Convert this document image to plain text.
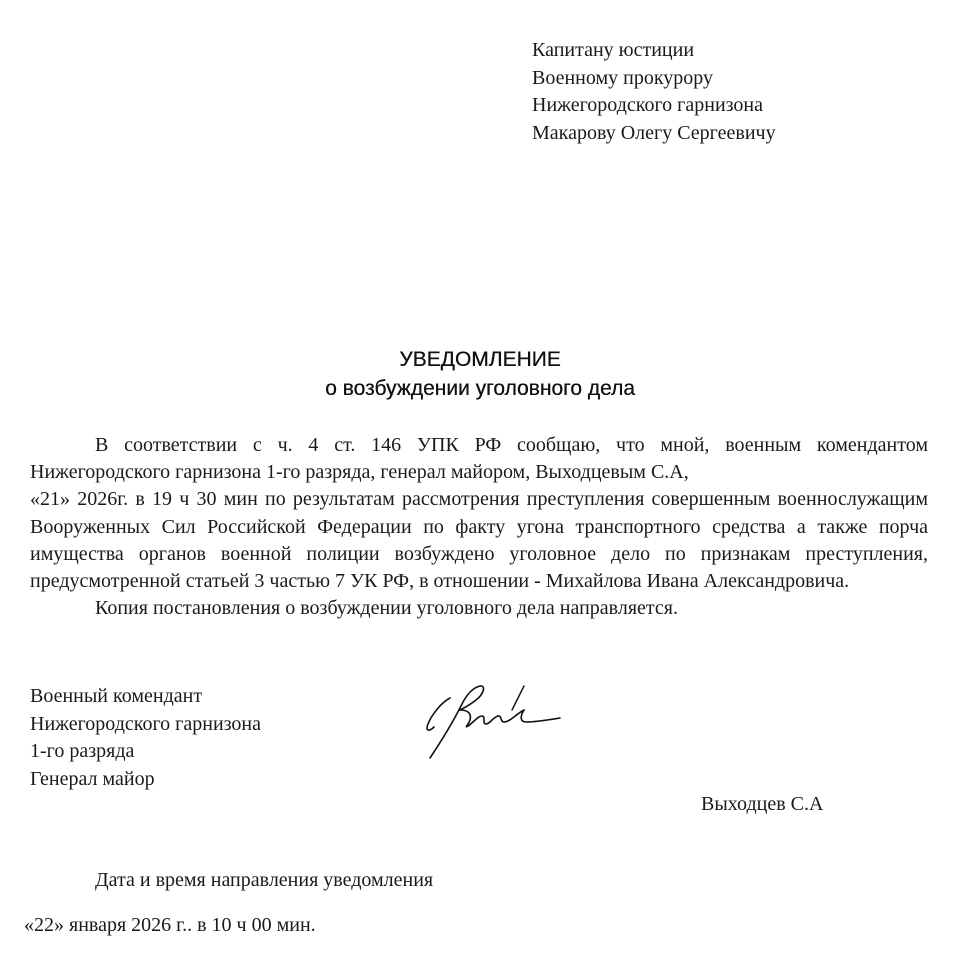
Капитану юстиции
Военному прокурору
Нижегородского гарнизона
Макарову Олегу Сергеевичу
УВЕДОМЛЕНИЕ
о возбуждении уголовного дела

В соответствии с ч. 4 ст. 146 УПК РФ сообщаю, что мной, военным комендантом Нижегородского гарнизона 1-го разряда, генерал майором, Выходцевым С.А,

«21» 2026г. в 19 ч 30 мин по результатам рассмотрения преступления совершенным военнослужащим Вооруженных Сил Российской Федерации по факту угона транспортного средства а также порча имущества органов военной полиции возбуждено уголовное дело по признакам преступления, предусмотренной статьей 3 частью 7 УК РФ, в отношении - Михайлова Ивана Александровича.

Копия постановления о возбуждении уголовного дела направляется.

Военный комендант
Нижегородского гарнизона
1-го разряда
Генерал майор
Выходцев С.А
Дата и время направления уведомления
«22» января 2026 г.. в 10 ч 00 мин.
